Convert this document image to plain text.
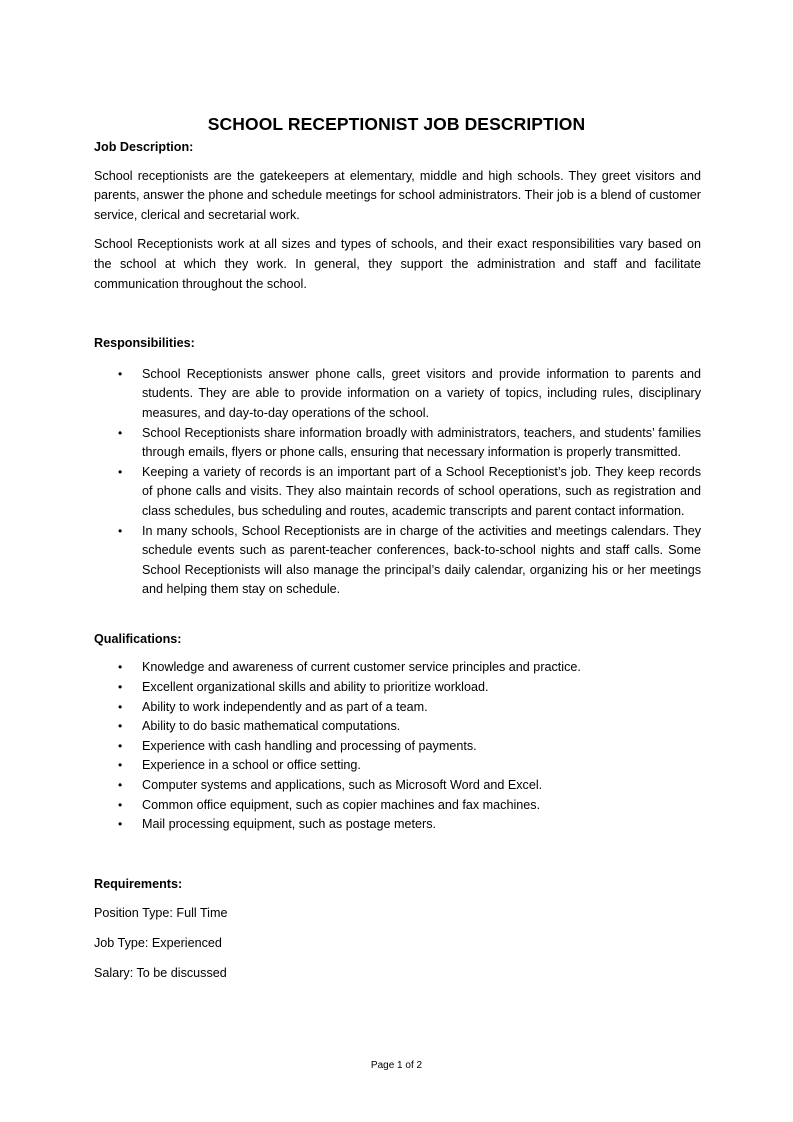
SCHOOL RECEPTIONIST JOB DESCRIPTION

Job Description:

School receptionists are the gatekeepers at elementary, middle and high schools. They greet visitors and parents, answer the phone and schedule meetings for school administrators. Their job is a blend of customer service, clerical and secretarial work.

School Receptionists work at all sizes and types of schools, and their exact responsibilities vary based on the school at which they work. In general, they support the administration and staff and facilitate communication throughout the school.

Responsibilities:

• School Receptionists answer phone calls, greet visitors and provide information to parents and students. They are able to provide information on a variety of topics, including rules, disciplinary measures, and day-to-day operations of the school.
• School Receptionists share information broadly with administrators, teachers, and students’ families through emails, flyers or phone calls, ensuring that necessary information is properly transmitted.
• Keeping a variety of records is an important part of a School Receptionist’s job. They keep records of phone calls and visits. They also maintain records of school operations, such as registration and class schedules, bus scheduling and routes, academic transcripts and parent contact information.
• In many schools, School Receptionists are in charge of the activities and meetings calendars. They schedule events such as parent-teacher conferences, back-to-school nights and staff calls. Some School Receptionists will also manage the principal’s daily calendar, organizing his or her meetings and helping them stay on schedule.

Qualifications:

• Knowledge and awareness of current customer service principles and practice.
• Excellent organizational skills and ability to prioritize workload.
• Ability to work independently and as part of a team.
• Ability to do basic mathematical computations.
• Experience with cash handling and processing of payments.
• Experience in a school or office setting.
• Computer systems and applications, such as Microsoft Word and Excel.
• Common office equipment, such as copier machines and fax machines.
• Mail processing equipment, such as postage meters.

Requirements:

Position Type: Full Time

Job Type: Experienced

Salary: To be discussed

Page 1 of 2
